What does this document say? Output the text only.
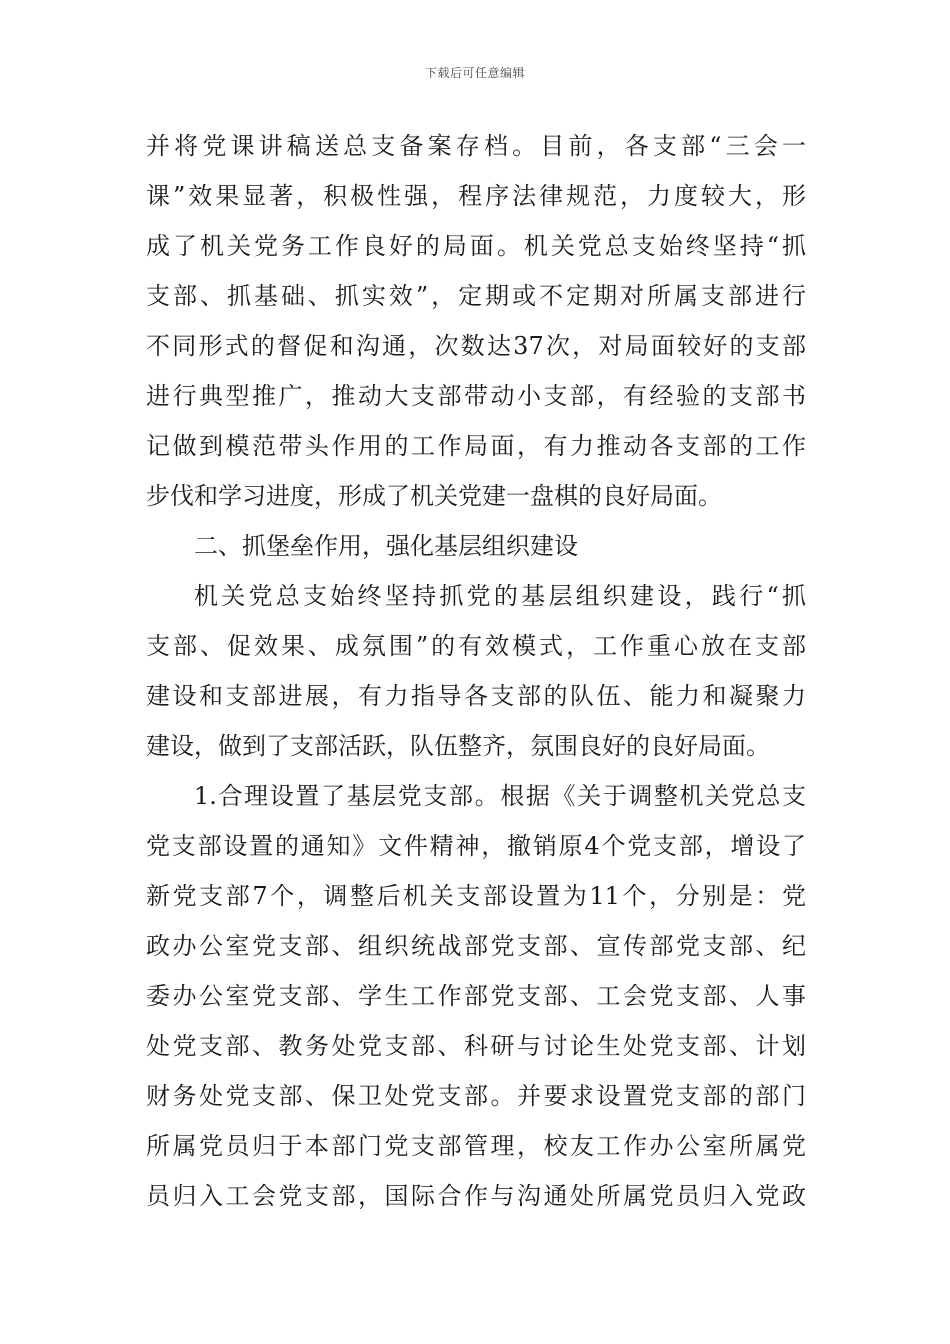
下载后可任意编辑
并将党课讲稿送总支备案存档。目前，各支部“三会一
课”效果显著，积极性强，程序法律规范，力度较大，形
成了机关党务工作良好的局面。机关党总支始终坚持“抓
支部、抓基础、抓实效”，定期或不定期对所属支部进行
不同形式的督促和沟通，次数达37次，对局面较好的支部
进行典型推广，推动大支部带动小支部，有经验的支部书
记做到模范带头作用的工作局面，有力推动各支部的工作
步伐和学习进度，形成了机关党建一盘棋的良好局面。
二、抓堡垒作用，强化基层组织建设
机关党总支始终坚持抓党的基层组织建设，践行“抓
支部、促效果、成氛围”的有效模式，工作重心放在支部
建设和支部进展，有力指导各支部的队伍、能力和凝聚力
建设，做到了支部活跃，队伍整齐，氛围良好的良好局面。
1.合理设置了基层党支部。根据《关于调整机关党总支
党支部设置的通知》文件精神，撤销原4个党支部，增设了
新党支部7个，调整后机关支部设置为11个，分别是：党
政办公室党支部、组织统战部党支部、宣传部党支部、纪
委办公室党支部、学生工作部党支部、工会党支部、人事
处党支部、教务处党支部、科研与讨论生处党支部、计划
财务处党支部、保卫处党支部。并要求设置党支部的部门
所属党员归于本部门党支部管理，校友工作办公室所属党
员归入工会党支部，国际合作与沟通处所属党员归入党政
